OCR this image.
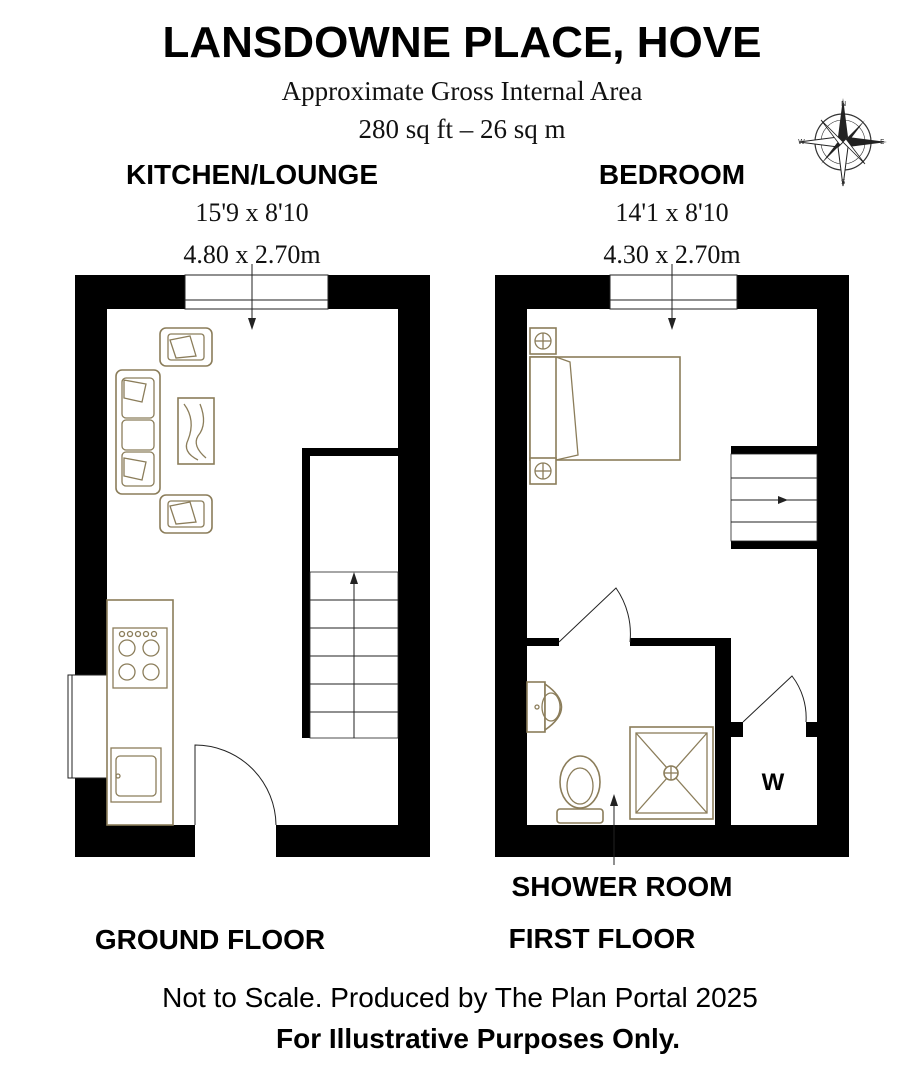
LANSDOWNE PLACE, HOVE
Approximate Gross Internal Area
280 sq ft – 26 sq m
N
E
W
S
KITCHEN/LOUNGE
15'9 x 8'10
4.80 x 2.70m
BEDROOM
14'1 x 8'10
4.30 x 2.70m
W
SHOWER ROOM
GROUND FLOOR	FIRST FLOOR
Not to Scale. Produced by The Plan Portal 2025
For Illustrative Purposes Only.
